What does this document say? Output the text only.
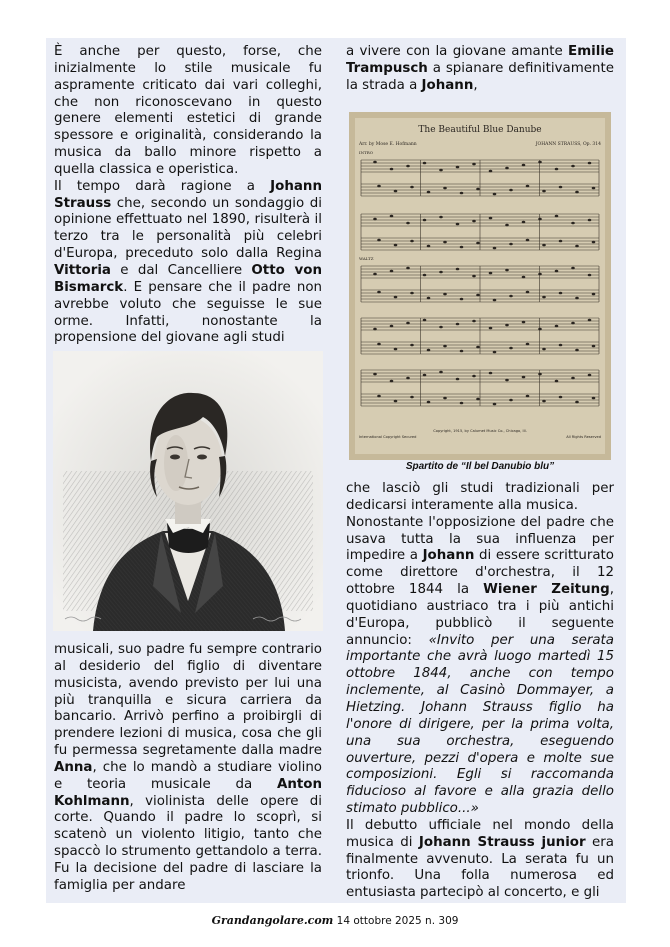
È anche per questo, forse, che inizialmente lo stile musicale fu aspramente criticato dai vari colleghi, che non riconoscevano in questo genere elementi estetici di grande spessore e originalità, considerando la musica da ballo minore rispetto a quella classica e operistica.

Il tempo darà ragione a Johann Strauss che, secondo un sondaggio di opinione effettuato nel 1890, risulterà il terzo tra le personalità più celebri d'Europa, preceduto solo dalla Regina Vittoria e dal Cancelliere Otto von Bismarck. E pensare che il padre non avrebbe voluto che seguisse le sue orme. Infatti, nonostante la propensione del giovane agli studi

musicali, suo padre fu sempre contrario al desiderio del figlio di diventare musicista, avendo previsto per lui una più tranquilla e sicura carriera da bancario. Arrivò perfino a proibirgli di prendere lezioni di musica, cosa che gli fu permessa segretamente dalla madre Anna, che lo mandò a studiare violino e teoria musicale da Anton Kohlmann, violinista delle opere di corte. Quando il padre lo scoprì, si scatenò un violento litigio, tanto che spaccò lo strumento gettandolo a terra. Fu la decisione del padre di lasciare la famiglia per andare

a vivere con la giovane amante Emilie Trampusch a spianare definitivamente la strada a Johann,

The Beautiful Blue Danube
Arr. by Mose E. Hofmann	JOHANN STRAUSS, Op. 314
INTRO
WALTZ
International Copyright Secured
Copyright, 1915, by Calumet Music Co., Chicago, Ill.
All Rights Reserved
Spartito de “Il bel Danubio blu”

che lasciò gli studi tradizionali per dedicarsi interamente alla musica.

Nonostante l'opposizione del padre che usava tutta la sua influenza per impedire a Johann di essere scritturato come direttore d'orchestra, il 12 ottobre 1844 la Wiener Zeitung, quotidiano austriaco tra i più antichi d'Europa, pubblicò il seguente annuncio: «Invito per una serata importante che avrà luogo martedì 15 ottobre 1844, anche con tempo inclemente, al Casinò Dommayer, a Hietzing. Johann Strauss figlio ha l'onore di dirigere, per la prima volta, una sua orchestra, eseguendo ouverture, pezzi d'opera e molte sue composizioni. Egli si raccomanda fiducioso al favore e alla grazia dello stimato pubblico...»

Il debutto ufficiale nel mondo della musica di Johann Strauss junior era finalmente avvenuto. La serata fu un trionfo. Una folla numerosa ed entusiasta partecipò al concerto, e gli

Grandangolare.com 14 ottobre 2025 n. 309
